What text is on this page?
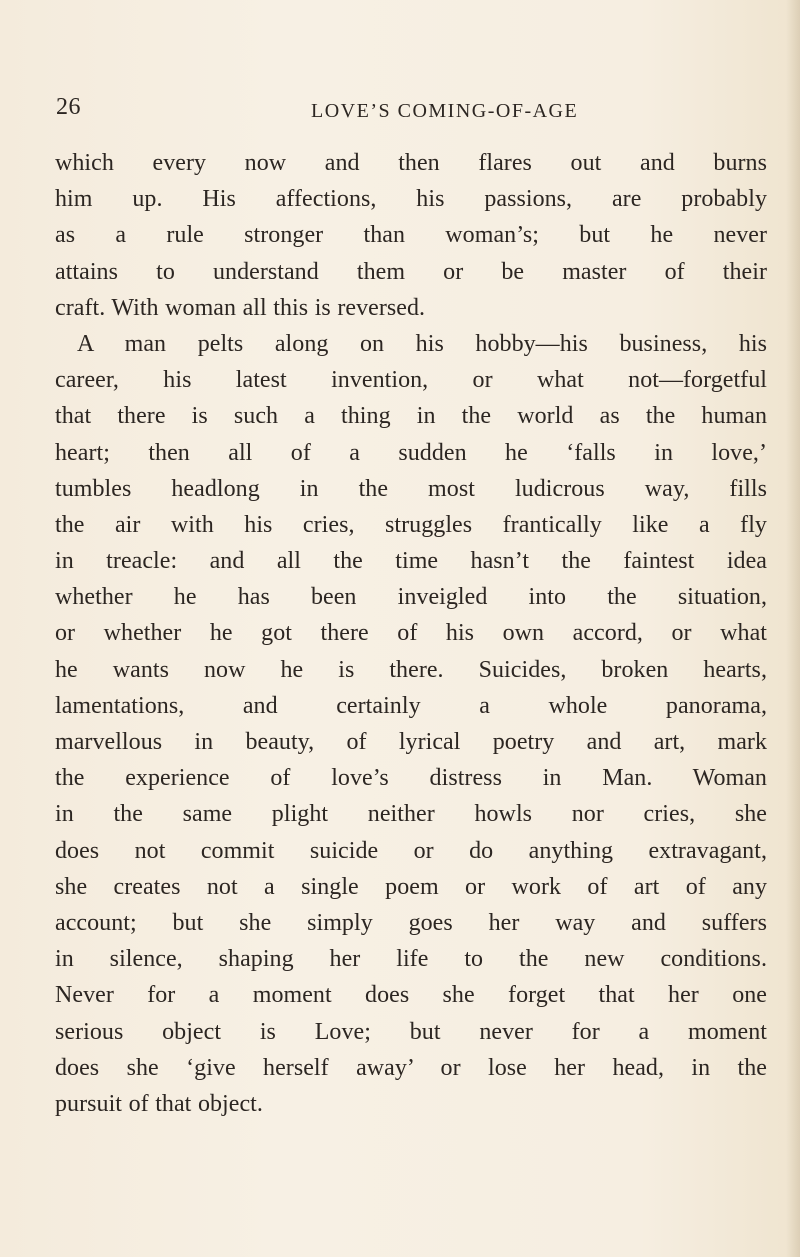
26	LOVE’S COMING-OF-AGE
which every now and then flares out and burns
him up. His affections, his passions, are probably
as a rule stronger than woman’s; but he never
attains to understand them or be master of their
craft. With woman all this is reversed.
A man pelts along on his hobby—his business, his
career, his latest invention, or what not—forgetful
that there is such a thing in the world as the human
heart; then all of a sudden he ‘falls in love,’
tumbles headlong in the most ludicrous way, fills
the air with his cries, struggles frantically like a fly
in treacle: and all the time hasn’t the faintest idea
whether he has been inveigled into the situation,
or whether he got there of his own accord, or what
he wants now he is there. Suicides, broken hearts,
lamentations, and certainly a whole panorama,
marvellous in beauty, of lyrical poetry and art, mark
the experience of love’s distress in Man. Woman
in the same plight neither howls nor cries, she
does not commit suicide or do anything extravagant,
she creates not a single poem or work of art of any
account; but she simply goes her way and suffers
in silence, shaping her life to the new conditions.
Never for a moment does she forget that her one
serious object is Love; but never for a moment
does she ‘give herself away’ or lose her head, in the
pursuit of that object.
